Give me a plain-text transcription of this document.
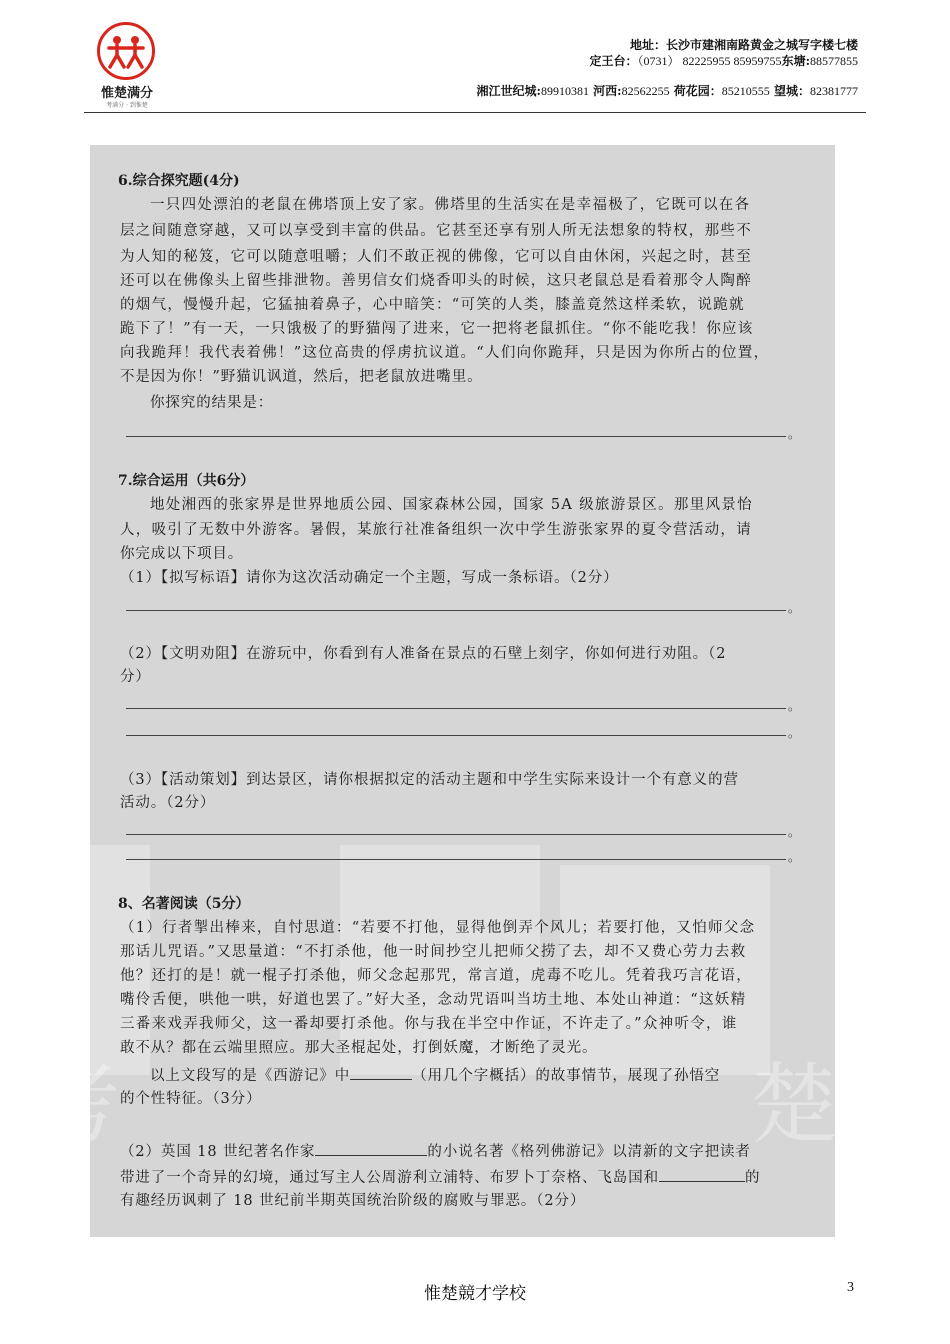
惟楚满分
考满分 · 到惟楚
地址：长沙市建湘南路黄金之城写字楼七楼
定王台：（0731） 82225955 85959755东塘:88577855
湘江世纪城:89910381 河西:82562255 荷花园：85210555 望城：82381777
考	楚
6.综合探究题(4分)
一只四处漂泊的老鼠在佛塔顶上安了家。佛塔里的生活实在是幸福极了，它既可以在各
层之间随意穿越，又可以享受到丰富的供品。它甚至还享有别人所无法想象的特权，那些不
为人知的秘笈，它可以随意咀嚼；人们不敢正视的佛像，它可以自由休闲，兴起之时，甚至
还可以在佛像头上留些排泄物。善男信女们烧香叩头的时候，这只老鼠总是看着那令人陶醉
的烟气，慢慢升起，它猛抽着鼻子，心中暗笑：“可笑的人类，膝盖竟然这样柔软，说跪就
跪下了！”有一天，一只饿极了的野猫闯了进来，它一把将老鼠抓住。“你不能吃我！你应该
向我跪拜！我代表着佛！”这位高贵的俘虏抗议道。“人们向你跪拜，只是因为你所占的位置，
不是因为你！”野猫讥讽道，然后，把老鼠放进嘴里。
你探究的结果是：
。
7.综合运用（共6分）
地处湘西的张家界是世界地质公园、国家森林公园，国家 5A 级旅游景区。那里风景怡
人，吸引了无数中外游客。暑假，某旅行社准备组织一次中学生游张家界的夏令营活动，请
你完成以下项目。
（1）【拟写标语】请你为这次活动确定一个主题，写成一条标语。（2分）
。
（2）【文明劝阻】在游玩中，你看到有人准备在景点的石壁上刻字，你如何进行劝阻。（2
分）
。
。
（3）【活动策划】到达景区，请你根据拟定的活动主题和中学生实际来设计一个有意义的营
活动。（2分）
。
。
8、名著阅读（5分）
（1）行者掣出棒来，自忖思道：“若要不打他，显得他倒弄个风儿；若要打他，又怕师父念
那话儿咒语。”又思量道：“不打杀他，他一时间抄空儿把师父捞了去，却不又费心劳力去救
他？还打的是！就一棍子打杀他，师父念起那咒，常言道，虎毒不吃儿。凭着我巧言花语，
嘴伶舌便，哄他一哄，好道也罢了。”好大圣，念动咒语叫当坊土地、本处山神道：“这妖精
三番来戏弄我师父，这一番却要打杀他。你与我在半空中作证，不许走了。”众神听令，谁
敢不从？都在云端里照应。那大圣棍起处，打倒妖魔，才断绝了灵光。
以上文段写的是《西游记》中	（用几个字概括）的故事情节，展现了孙悟空
的个性特征。（3分）
（2）英国 18 世纪著名作家	的小说名著《格列佛游记》以清新的文字把读者
带进了一个奇异的幻境，通过写主人公周游利立浦特、布罗卜丁奈格、飞岛国和	的
有趣经历讽刺了 18 世纪前半期英国统治阶级的腐败与罪恶。（2分）
惟楚競才学校	3
